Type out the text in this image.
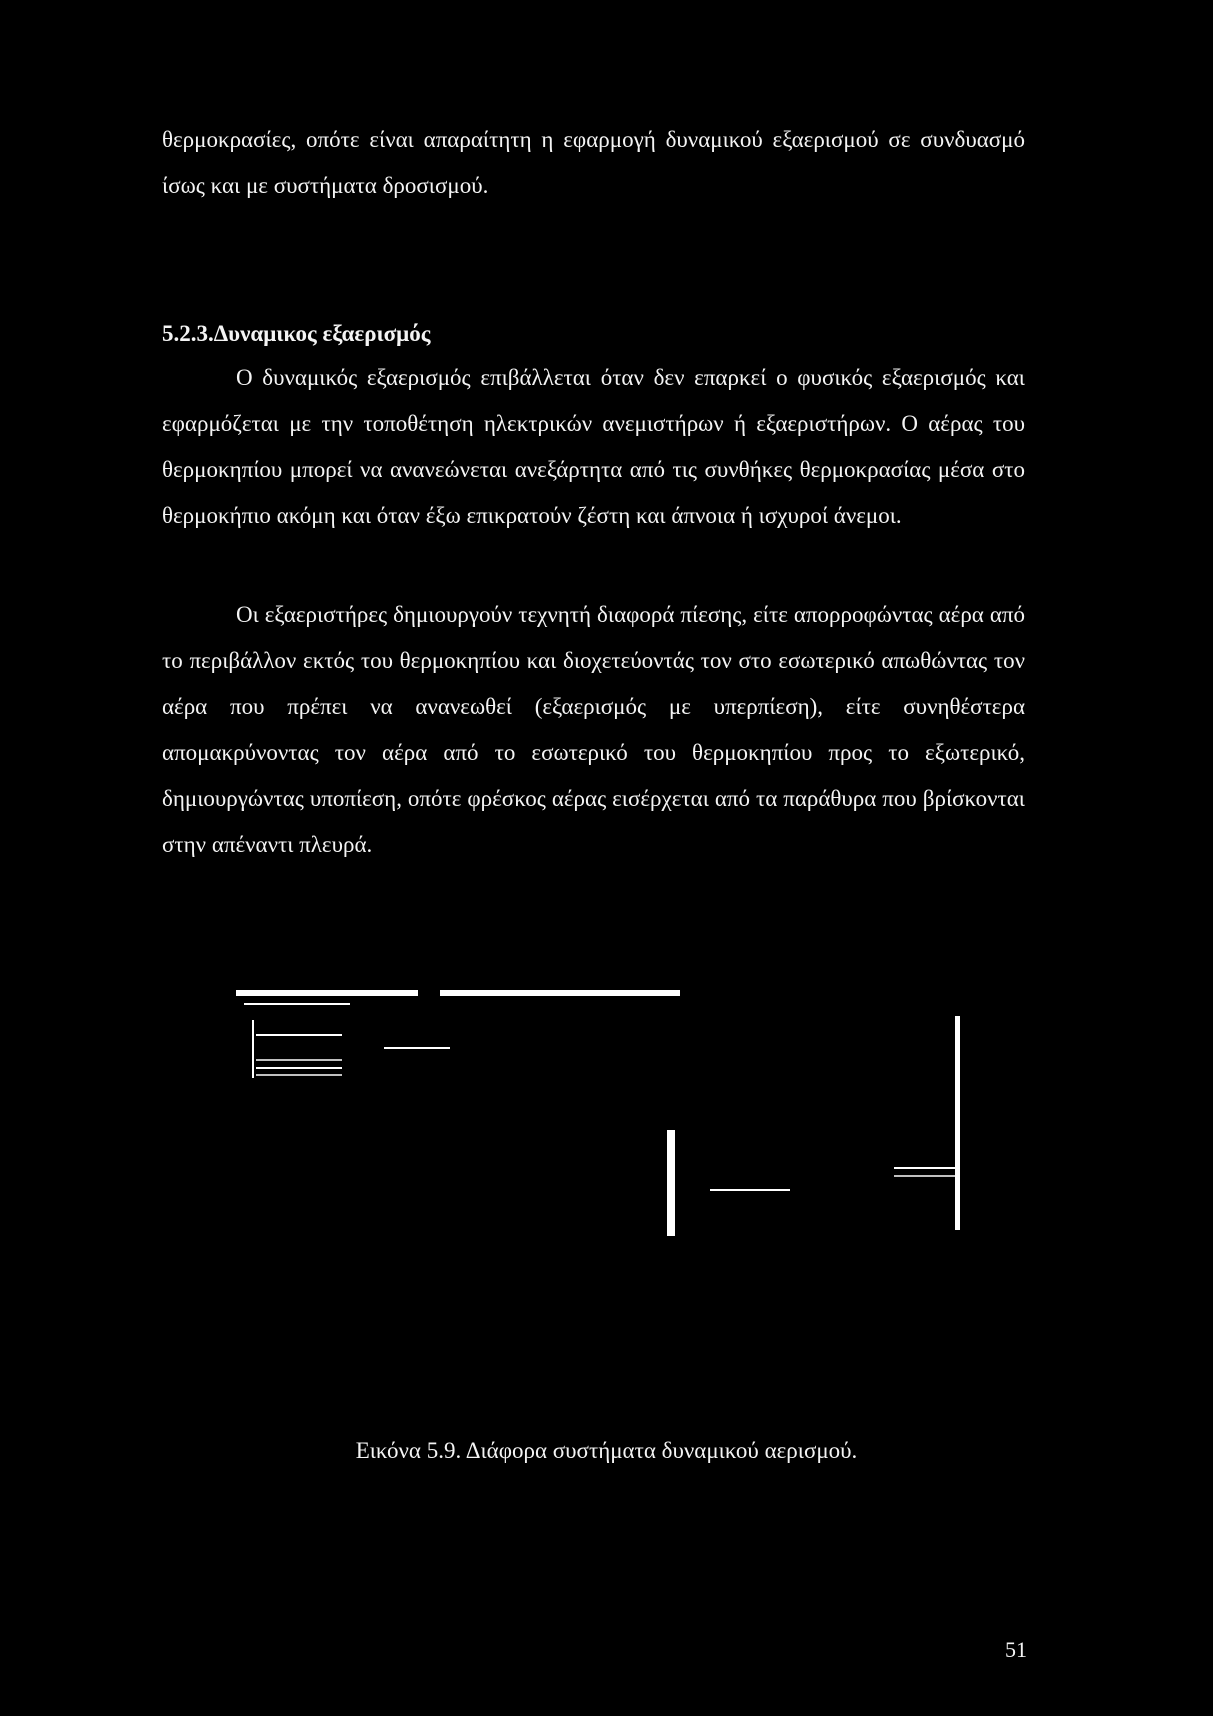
θερμοκρασίες, οπότε είναι απαραίτητη η εφαρμογή δυναμικού εξαερισμού σε συνδυασμό ίσως και με συστήματα δροσισμού.

5.2.3.Δυναμικος εξαερισμός

Ο δυναμικός εξαερισμός επιβάλλεται όταν δεν επαρκεί ο φυσικός εξαερισμός και εφαρμόζεται με την τοποθέτηση ηλεκτρικών ανεμιστήρων ή εξαεριστήρων. Ο αέρας του θερμοκηπίου μπορεί να ανανεώνεται ανεξάρτητα από τις συνθήκες θερμοκρασίας μέσα στο θερμοκήπιο ακόμη και όταν έξω επικρατούν ζέστη και άπνοια ή ισχυροί άνεμοι.

Οι εξαεριστήρες δημιουργούν τεχνητή διαφορά πίεσης, είτε απορροφώντας αέρα από το περιβάλλον εκτός του θερμοκηπίου και διοχετεύοντάς τον στο εσωτερικό απωθώντας τον αέρα που πρέπει να ανανεωθεί (εξαερισμός με υπερπίεση), είτε συνηθέστερα απομακρύνοντας τον αέρα από το εσωτερικό του θερμοκηπίου προς το εξωτερικό, δημιουργώντας υποπίεση, οπότε φρέσκος αέρας εισέρχεται από τα παράθυρα που βρίσκονται στην απέναντι πλευρά.

Εικόνα 5.9. Διάφορα συστήματα δυναμικού αερισμού.

51
